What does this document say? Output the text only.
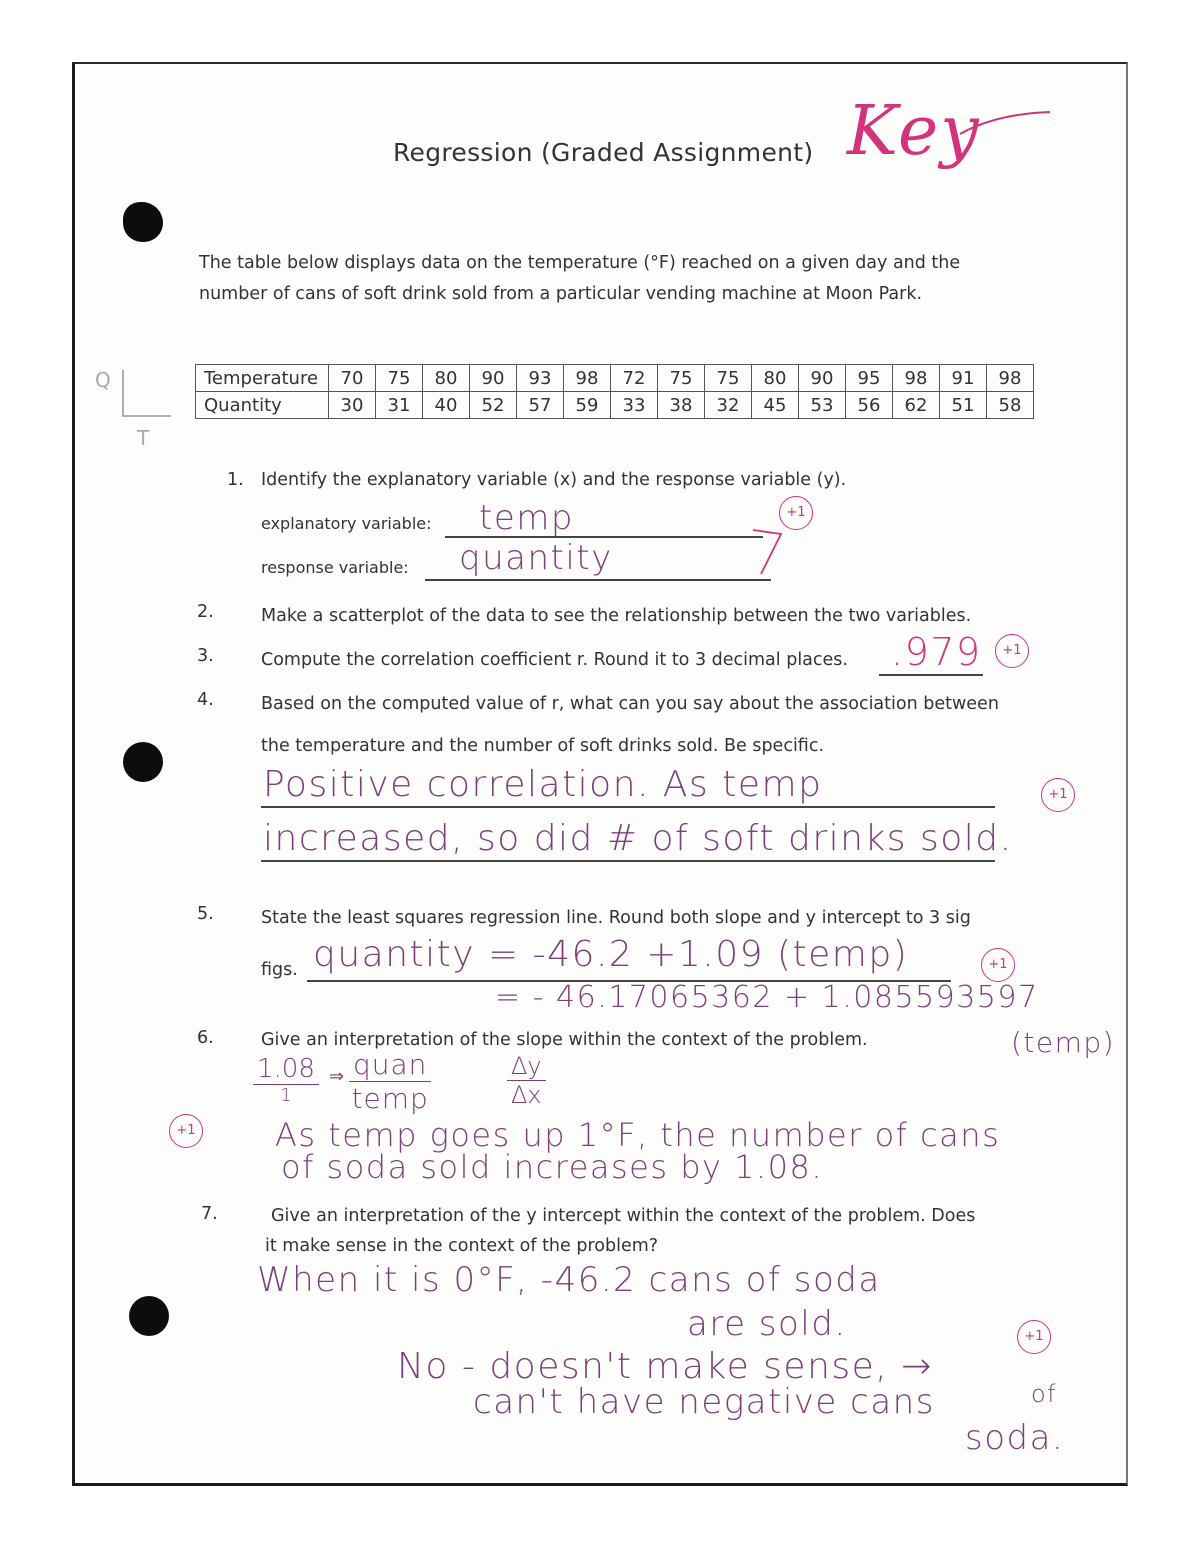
Regression (Graded Assignment) Key
The table below displays data on the temperature (°F) reached on a given day and the number of cans of soft drink sold from a particular vending machine at Moon Park.
Q
T
Temperature	70	75	80	90	93	98	72	75	75	80	90	95	98	91	98
Quantity	30	31	40	52	57	59	33	38	32	45	53	56	62	51	58
1. Identify the explanatory variable (x) and the response variable (y).
explanatory variable: temp
response variable: quantity
+1
2.	Make a scatterplot of the data to see the relationship between the two variables.
3.	Compute the correlation coefficient r. Round it to 3 decimal places. .979	+1
4.	Based on the computed value of r, what can you say about the association between
the temperature and the number of soft drinks sold. Be specific.
Positive correlation. As temp
increased, so did # of soft drinks sold.
+1
5.	State the least squares regression line. Round both slope and y intercept to 3 sig
figs. quantity = -46.2 +1.09 (temp)	+1
= - 46.17065362 + 1.085593597
(temp)
6.	Give an interpretation of the slope within the context of the problem.
1.08
1
⇒ quan
temp	$\frac{\Delta y}{\Delta x}$
+1 As temp goes up 1°F, the number of cans
of soda sold increases by 1.08.
7.	Give an interpretation of the y intercept within the context of the problem. Does
it make sense in the context of the problem?
When it is 0°F, -46.2 cans of soda
are sold.	+1
No - doesn't make sense, →
can't have negative cans	of
soda.
